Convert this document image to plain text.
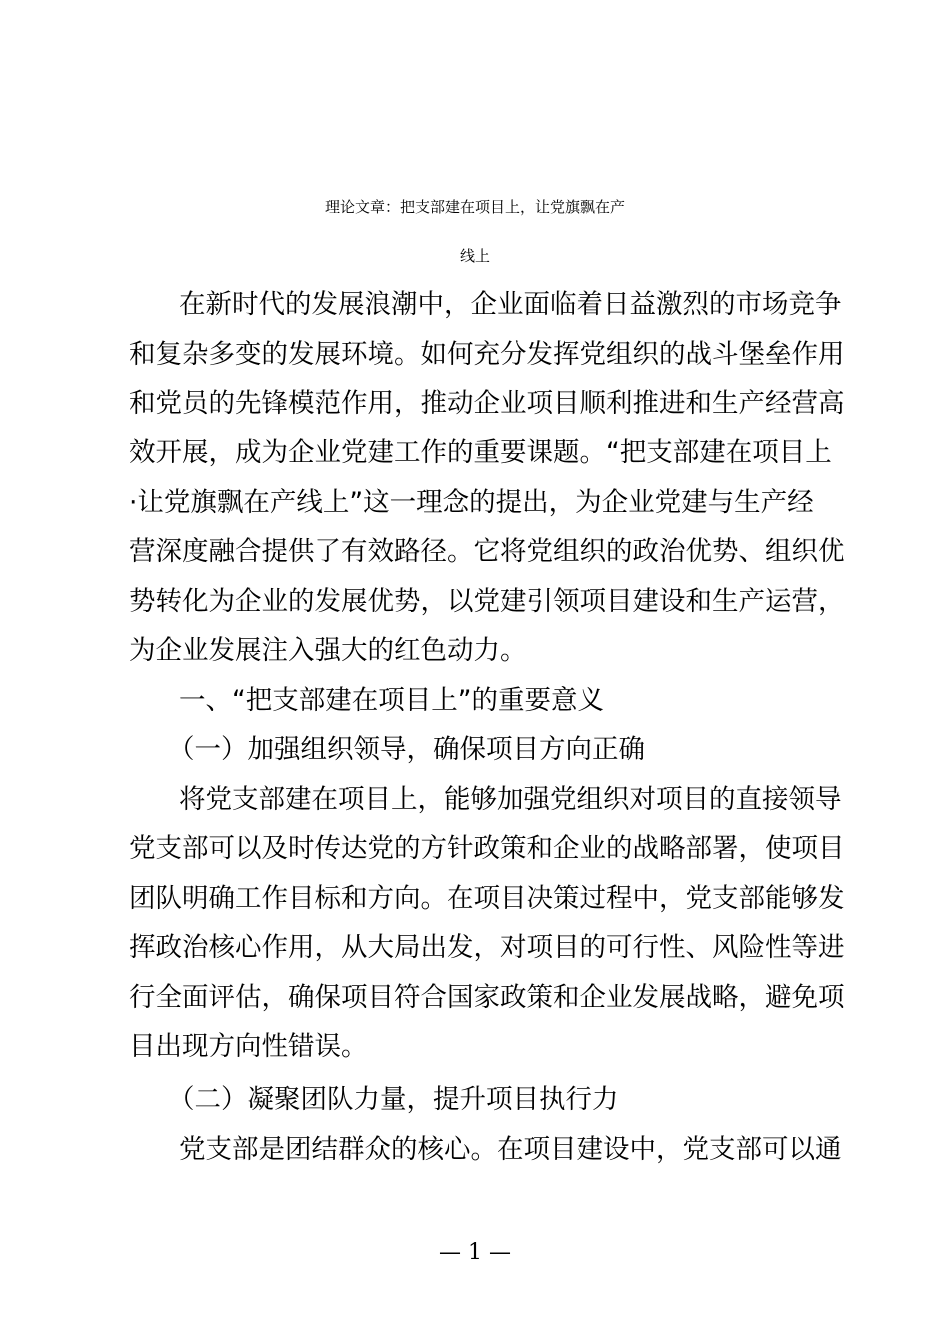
理论文章：把支部建在项目上，让党旗飘在产
线上
在新时代的发展浪潮中，企业面临着日益激烈的市场竞争
和复杂多变的发展环境。如何充分发挥党组织的战斗堡垒作用
和党员的先锋模范作用，推动企业项目顺利推进和生产经营高
效开展，成为企业党建工作的重要课题。“把支部建在项目上
·让党旗飘在产线上”这一理念的提出，为企业党建与生产经
营深度融合提供了有效路径。它将党组织的政治优势、组织优
势转化为企业的发展优势，以党建引领项目建设和生产运营，
为企业发展注入强大的红色动力。
一、“把支部建在项目上”的重要意义
（一）加强组织领导，确保项目方向正确
将党支部建在项目上，能够加强党组织对项目的直接领导
党支部可以及时传达党的方针政策和企业的战略部署，使项目
团队明确工作目标和方向。在项目决策过程中，党支部能够发
挥政治核心作用，从大局出发，对项目的可行性、风险性等进
行全面评估，确保项目符合国家政策和企业发展战略，避免项
目出现方向性错误。
（二）凝聚团队力量，提升项目执行力
党支部是团结群众的核心。在项目建设中，党支部可以通
— 1 —
